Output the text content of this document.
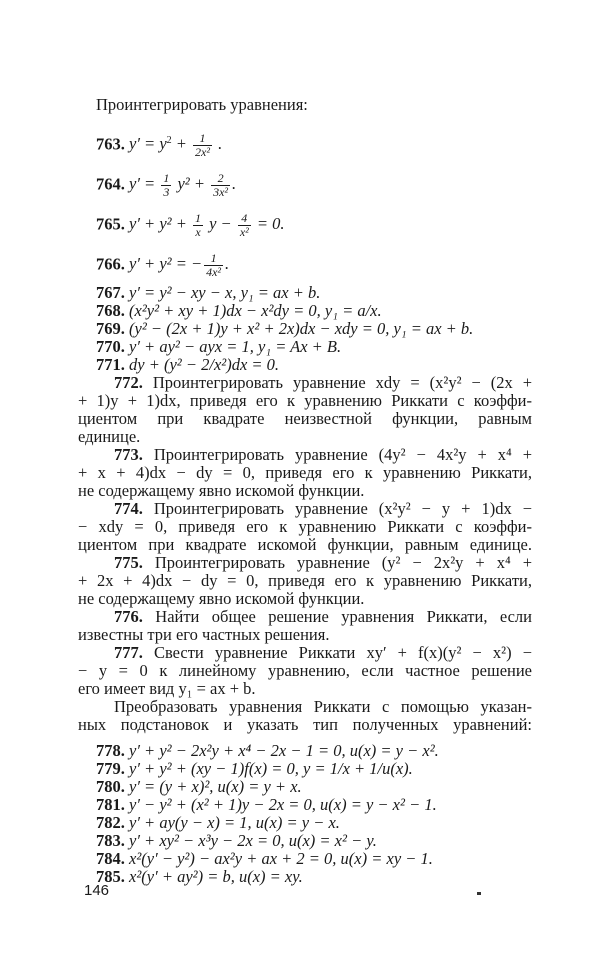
Проинтегрировать уравнения:
763. $y' = y^2 + \frac{1}{\text{2x²}}$ .
764. $y' = \frac{1}{3} y^2 + \frac{2}{\text{3x²}}$ .
765. $y' + y^2 + \frac{1}{x}$ $y - \frac{4}{\text{x²}} = 0$.
766. y′ + y² = − $\frac{1}{\text{4x²}}$ .
767. y′ = y² − xy − x, y₁ = ax + b.
768. (x²y² + xy + 1)dx − x²dy = 0, y₁ = a/x.
769. (y² − (2x + 1)y + x² + 2x)dx − xdy = 0, y₁ = ax + b.
770. y′ + ay² − ayx = 1, y₁ = Ax + B.
771. dy + (y² − 2/x²)dx = 0.
772. Проинтегрировать уравнение xdy = (x²y² − (2x +
+ 1)y + 1)dx, приведя его к уравнению Риккати с коэффи-
циентом при квадрате неизвестной функции, равным
единице.
773. Проинтегрировать уравнение (4y² − 4x²y + x⁴ +
+ x + 4)dx − dy = 0, приведя его к уравнению Риккати,
не содержащему явно искомой функции.
774. Проинтегрировать уравнение (x²y² − y + 1)dx −
− xdy = 0, приведя его к уравнению Риккати с коэффи-
циентом при квадрате искомой функции, равным единице.
775. Проинтегрировать уравнение (y² − 2x²y + x⁴ +
+ 2x + 4)dx − dy = 0, приведя его к уравнению Риккати,
не содержащему явно искомой функции.
776. Найти общее решение уравнения Риккати, если
известны три его частных решения.
777. Свести уравнение Риккати xy′ + f(x)(y² − x²) −
− y = 0 к линейному уравнению, если частное решение
его имеет вид y₁ = ax + b.
Преобразовать уравнения Риккати с помощью указан-
ных подстановок и указать тип полученных уравнений:
778. y′ + y² − 2x²y + x⁴ − 2x − 1 = 0, u(x) = y − x².
779. y′ + y² + (xy − 1)f(x) = 0, y = 1/x + 1/u(x).
780. y′ = (y + x)², u(x) = y + x.
781. y′ − y² + (x² + 1)y − 2x = 0, u(x) = y − x² − 1.
782. y′ + ay(y − x) = 1, u(x) = y − x.
783. y′ + xy² − x³y − 2x = 0, u(x) = x² − y.
784. x²(y′ − y²) − ax²y + ax + 2 = 0, u(x) = xy − 1.
785. x²(y′ + ay²) = b, u(x) = xy.
146
